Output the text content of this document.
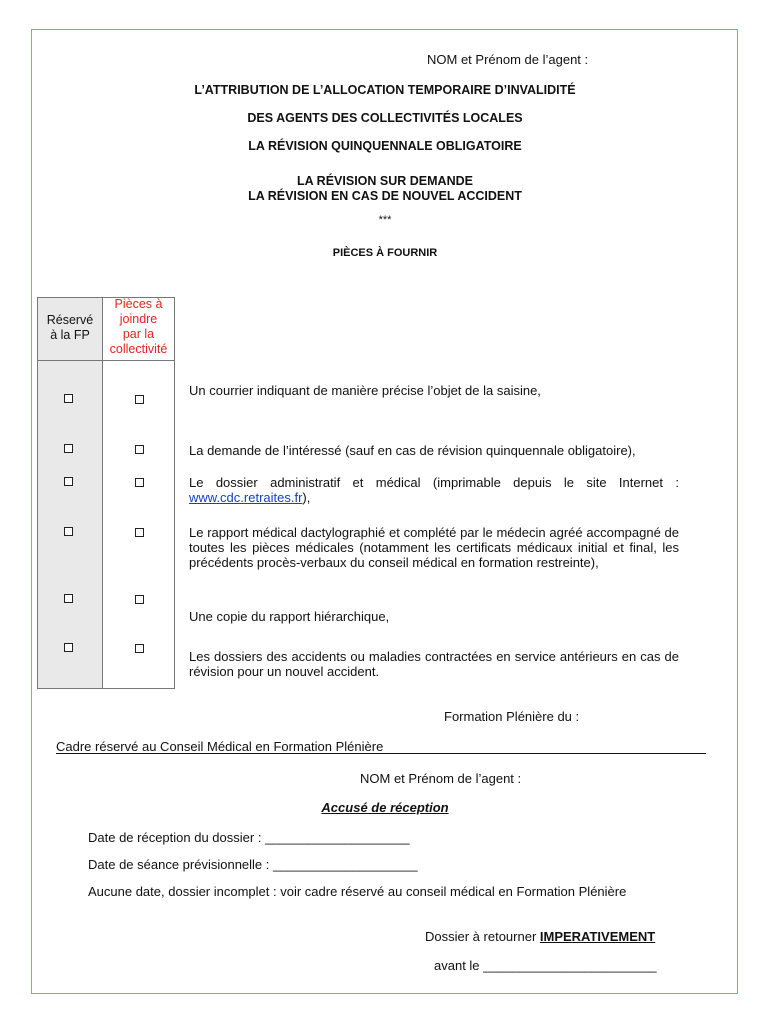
NOM et Prénom de l’agent :
L’ATTRIBUTION DE L’ALLOCATION TEMPORAIRE D’INVALIDITÉ
DES AGENTS DES COLLECTIVITÉS LOCALES
LA RÉVISION QUINQUENNALE OBLIGATOIRE
LA RÉVISION SUR DEMANDE
LA RÉVISION EN CAS DE NOUVEL ACCIDENT
***
PIÈCES À FOURNIR
Réservé
à la FP
Pièces à
joindre
par la
collectivité
Un courrier indiquant de manière précise l’objet de la saisine,
La demande de l’intéressé (sauf en cas de révision quinquennale obligatoire),
Le dossier administratif et médical (imprimable depuis le site Internet : www.cdc.retraites.fr),
Le rapport médical dactylographié et complété par le médecin agréé accompagné de toutes les pièces médicales (notamment les certificats médicaux initial et final, les précédents procès-verbaux du conseil médical en formation restreinte),
Une copie du rapport hiérarchique,
Les dossiers des accidents ou maladies contractées en service antérieurs en cas de révision pour un nouvel accident.
Formation Plénière du :
Cadre réservé au Conseil Médical en Formation Plénière
NOM et Prénom de l’agent :
Accusé de réception
Date de réception du dossier : ____________________
Date de séance prévisionnelle : ____________________
Aucune date, dossier incomplet : voir cadre réservé au conseil médical en Formation Plénière
Dossier à retourner IMPERATIVEMENT
avant le ________________________
